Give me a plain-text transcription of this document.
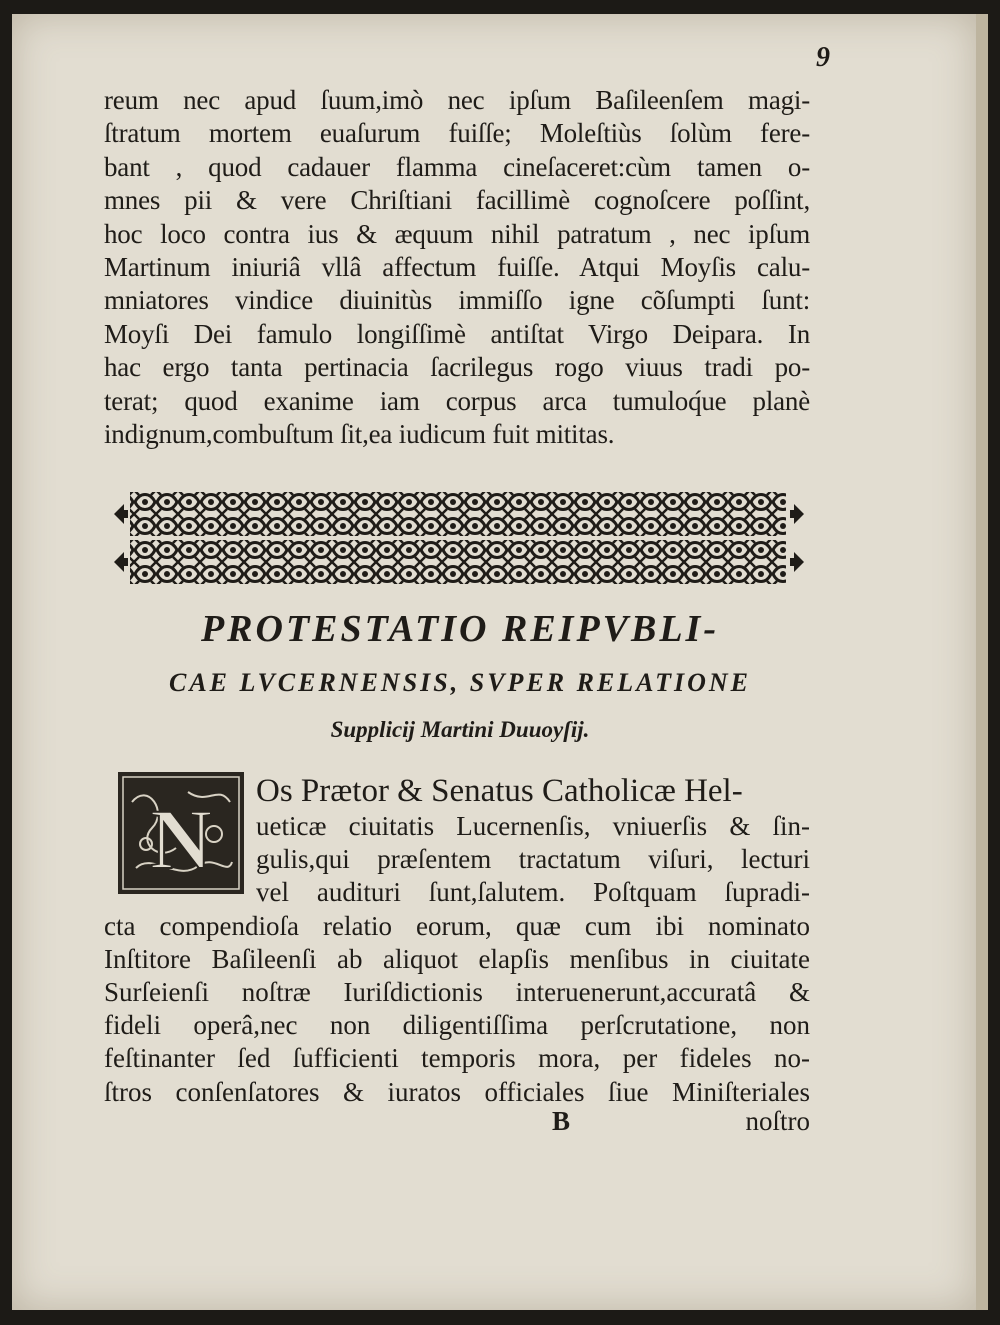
9
reum nec apud ſuum,imò nec ipſum Baſileenſem magi-
ſtratum mortem euaſurum fuiſſe; Moleſtiùs ſolùm fere-
bant , quod cadauer flamma cineſaceret:cùm tamen o-
mnes pii & vere Chriſtiani facillimè cognoſcere poſſint,
hoc loco contra ius & æquum nihil patratum , nec ipſum
Martinum iniuriâ vllâ affectum fuiſſe. Atqui Moyſis calu-
mniatores vindice diuinitùs immiſſo igne cõſumpti ſunt:
Moyſi Dei famulo longiſſimè antiſtat Virgo Deipara. In
hac ergo tanta pertinacia ſacrilegus rogo viuus tradi po-
terat; quod exanime iam corpus arca tumuloq́ue planè
indignum,combuſtum ſit,ea iudicum fuit mititas.
PROTESTATIO REIPVBLI-
CAE LVCERNENSIS, SVPER RELATIONE
Supplicij Martini Duuoyſij.
Os Prætor & Senatus Catholicæ Hel-
ueticæ ciuitatis Lucernenſis, vniuerſis & ſin-
gulis,qui præſentem tractatum viſuri, lecturi
vel audituri ſunt,ſalutem. Poſtquam ſupradi-
cta compendioſa relatio eorum, quæ cum ibi nominato
Inſtitore Baſileenſi ab aliquot elapſis menſibus in ciuitate
Surſeienſi noſtræ Iuriſdictionis interuenerunt,accuratâ &
fideli operâ,nec non diligentiſſima perſcrutatione, non
feſtinanter ſed ſufficienti temporis mora, per fideles no-
ſtros conſenſatores & iuratos officiales ſiue Miniſteriales
N
B	noſtro
